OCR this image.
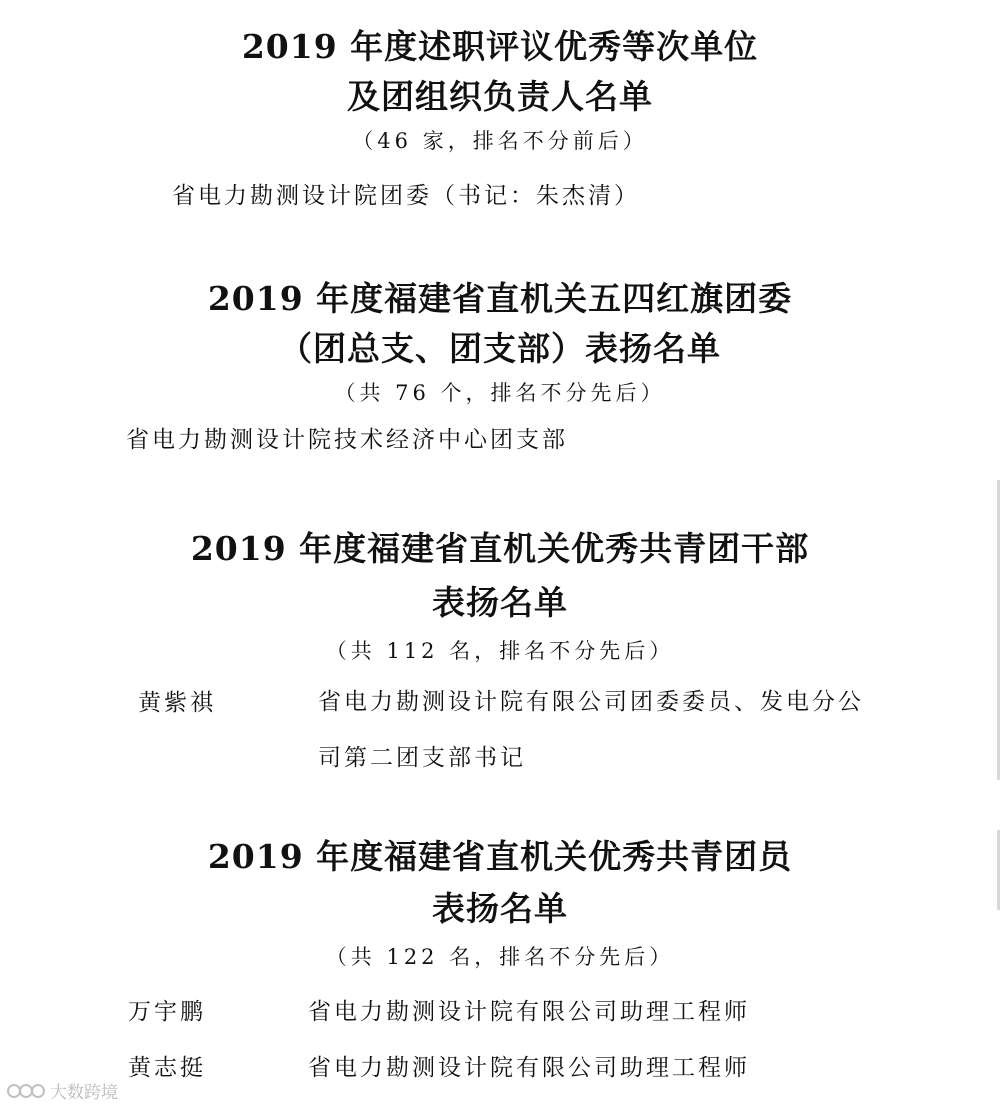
2019 年度述职评议优秀等次单位
及团组织负责人名单
（46 家，排名不分前后）
省电力勘测设计院团委（书记：朱杰清）
2019 年度福建省直机关五四红旗团委
（团总支、团支部）表扬名单
（共 76 个，排名不分先后）
省电力勘测设计院技术经济中心团支部
2019 年度福建省直机关优秀共青团干部
表扬名单
（共 112 名，排名不分先后）
黄紫祺	省电力勘测设计院有限公司团委委员、发电分公司第二团支部书记
2019 年度福建省直机关优秀共青团员
表扬名单
（共 122 名，排名不分先后）
万宇鹏	省电力勘测设计院有限公司助理工程师
黄志挺	省电力勘测设计院有限公司助理工程师
大数跨境
